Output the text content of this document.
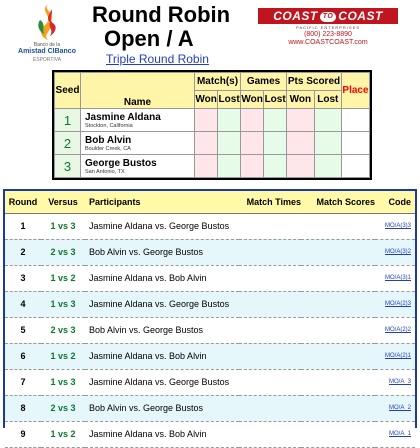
Banco de la
Amistad CIBanco
ESPORTIVA
Round Robin
Open / A
Triple Round Robin
COAST TO COAST
PACIFIC ENTERPRISES
(800) 223-8890
www.COASTCOAST.com
Seed	Name	Match(s)		Games		Pts Scored		Place
		Won	Lost	Won	Lost	Won	Lost	
1	Jasmine Aldana
Stockton, California							

2	Bob Alvin
Boulder Creek, CA							

3	George Bustos
San Antonio, TX							

Round	Versus	Participants	Match Times	Match Scores	Code
1	1 vs 3	Jasmine Aldana vs. George Bustos			MO/A(3)3
2	2 vs 3	Bob Alvin vs. George Bustos			MO/A(3)2
3	1 vs 2	Jasmine Aldana vs. Bob Alvin			MO/A(3)1
4	1 vs 3	Jasmine Aldana vs. George Bustos			MO/A(2)3
5	2 vs 3	Bob Alvin vs. George Bustos			MO/A(2)2
6	1 vs 2	Jasmine Aldana vs. Bob Alvin			MO/A(2)1
7	1 vs 3	Jasmine Aldana vs. George Bustos			MO/A_3
8	2 vs 3	Bob Alvin vs. George Bustos			MO/A_2
9	1 vs 2	Jasmine Aldana vs. Bob Alvin			MO/A_1
